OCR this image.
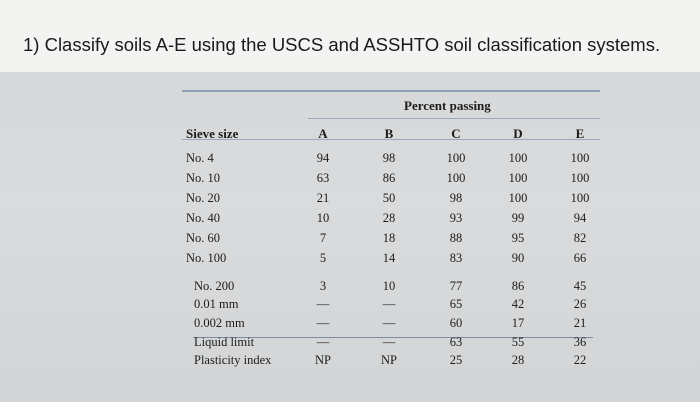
1) Classify soils A-E using the USCS and ASSHTO soil classification systems.
Percent passing
Sieve size	A	B	C	D	E
No. 4	94	98	100	100	100
No. 10	63	86	100	100	100
No. 20	21	50	98	100	100
No. 40	10	28	93	99	94
No. 60	7	18	88	95	82
No. 100	5	14	83	90	66
No. 200	3	10	77	86	45
0.01 mm	—	—	65	42	26
0.002 mm	—	—	60	17	21
Liquid limit	—	—	63	55	36
Plasticity index	NP	NP	25	28	22
